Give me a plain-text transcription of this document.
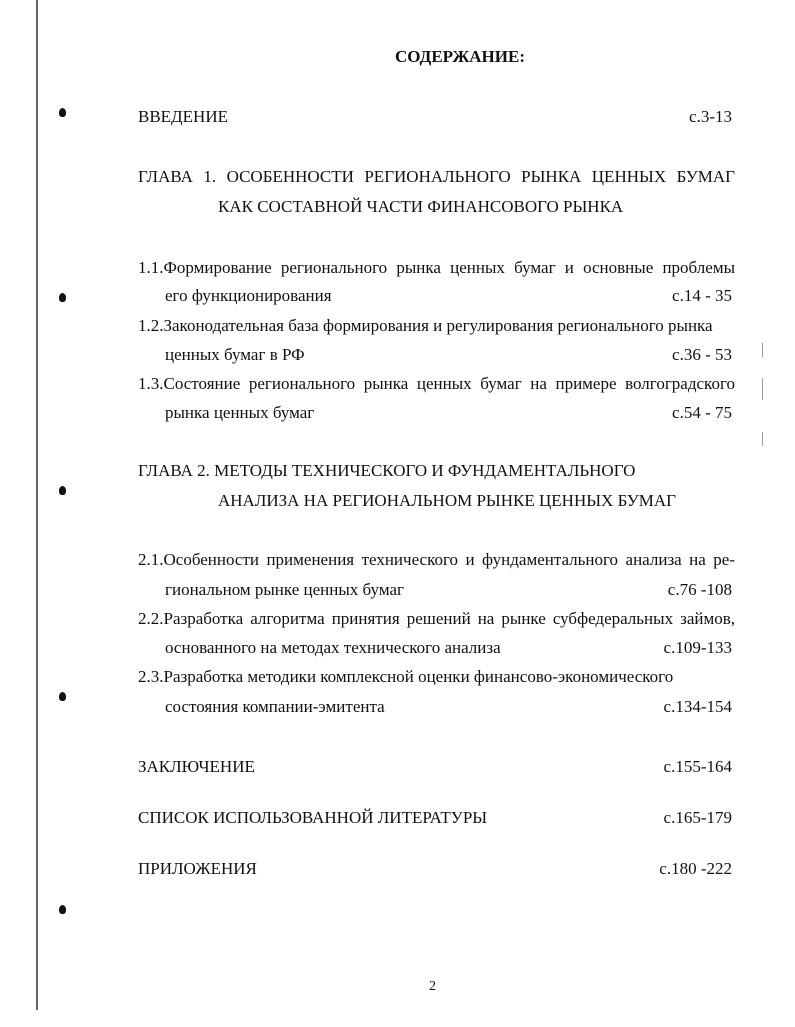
СОДЕРЖАНИЕ:
ВВЕДЕНИЕ	с.3-13
ГЛАВА 1. ОСОБЕННОСТИ РЕГИОНАЛЬНОГО РЫНКА ЦЕННЫХ БУМАГ
КАК СОСТАВНОЙ ЧАСТИ ФИНАНСОВОГО РЫНКА
1.1.Формирование регионального рынка ценных бумаг и основные проблемы
его функционирования	с.14 - 35
1.2.Законодательная база формирования и регулирования регионального рынка
ценных бумаг в РФ	с.36 - 53
1.3.Состояние регионального рынка ценных бумаг на примере волгоградского
рынка ценных бумаг	с.54 - 75
ГЛАВА 2. МЕТОДЫ ТЕХНИЧЕСКОГО И ФУНДАМЕНТАЛЬНОГО
АНАЛИЗА НА РЕГИОНАЛЬНОМ РЫНКЕ ЦЕННЫХ БУМАГ
2.1.Особенности применения технического и фундаментального анализа на ре-
гиональном рынке ценных бумаг	с.76 -108
2.2.Разработка алгоритма принятия решений на рынке субфедеральных займов,
основанного на методах технического анализа	с.109-133
2.3.Разработка методики комплексной оценки финансово-экономического
состояния компании-эмитента	с.134-154
ЗАКЛЮЧЕНИЕ	с.155-164
СПИСОК ИСПОЛЬЗОВАННОЙ ЛИТЕРАТУРЫ	с.165-179
ПРИЛОЖЕНИЯ	с.180 -222
2
